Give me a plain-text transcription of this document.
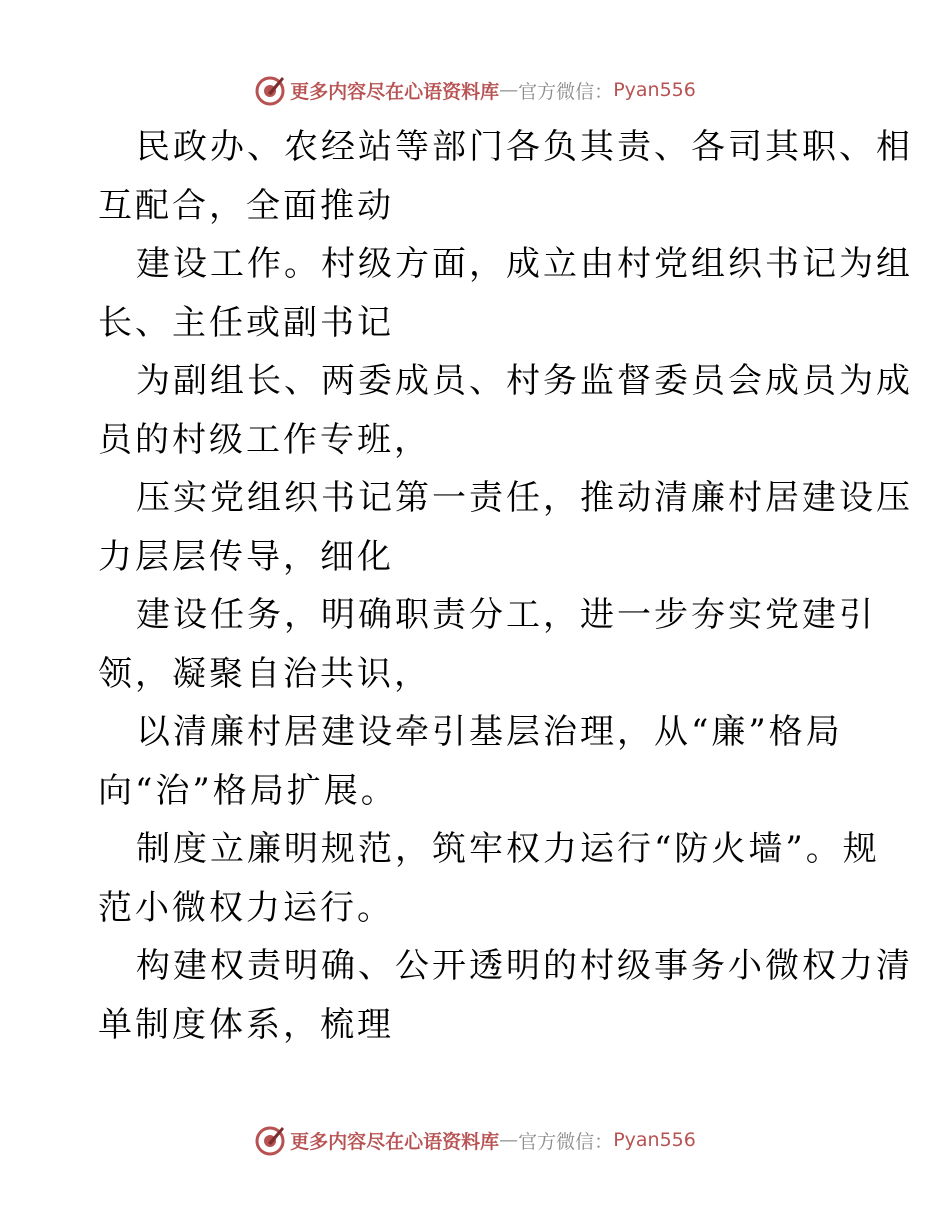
更多内容尽在心语资料库 — 官方微信： Pyan556
民政办、农经站等部门各负其责、各司其职、相
互配合，全面推动
建设工作。村级方面，成立由村党组织书记为组
长、主任或副书记
为副组长、两委成员、村务监督委员会成员为成
员的村级工作专班，
压实党组织书记第一责任，推动清廉村居建设压
力层层传导，细化
建设任务，明确职责分工，进一步夯实党建引
领，凝聚自治共识，
以清廉村居建设牵引基层治理，从“廉”格局
向“治”格局扩展。
制度立廉明规范，筑牢权力运行“防火墙”。规
范小微权力运行。
构建权责明确、公开透明的村级事务小微权力清
单制度体系，梳理
更多内容尽在心语资料库 — 官方微信： Pyan556
